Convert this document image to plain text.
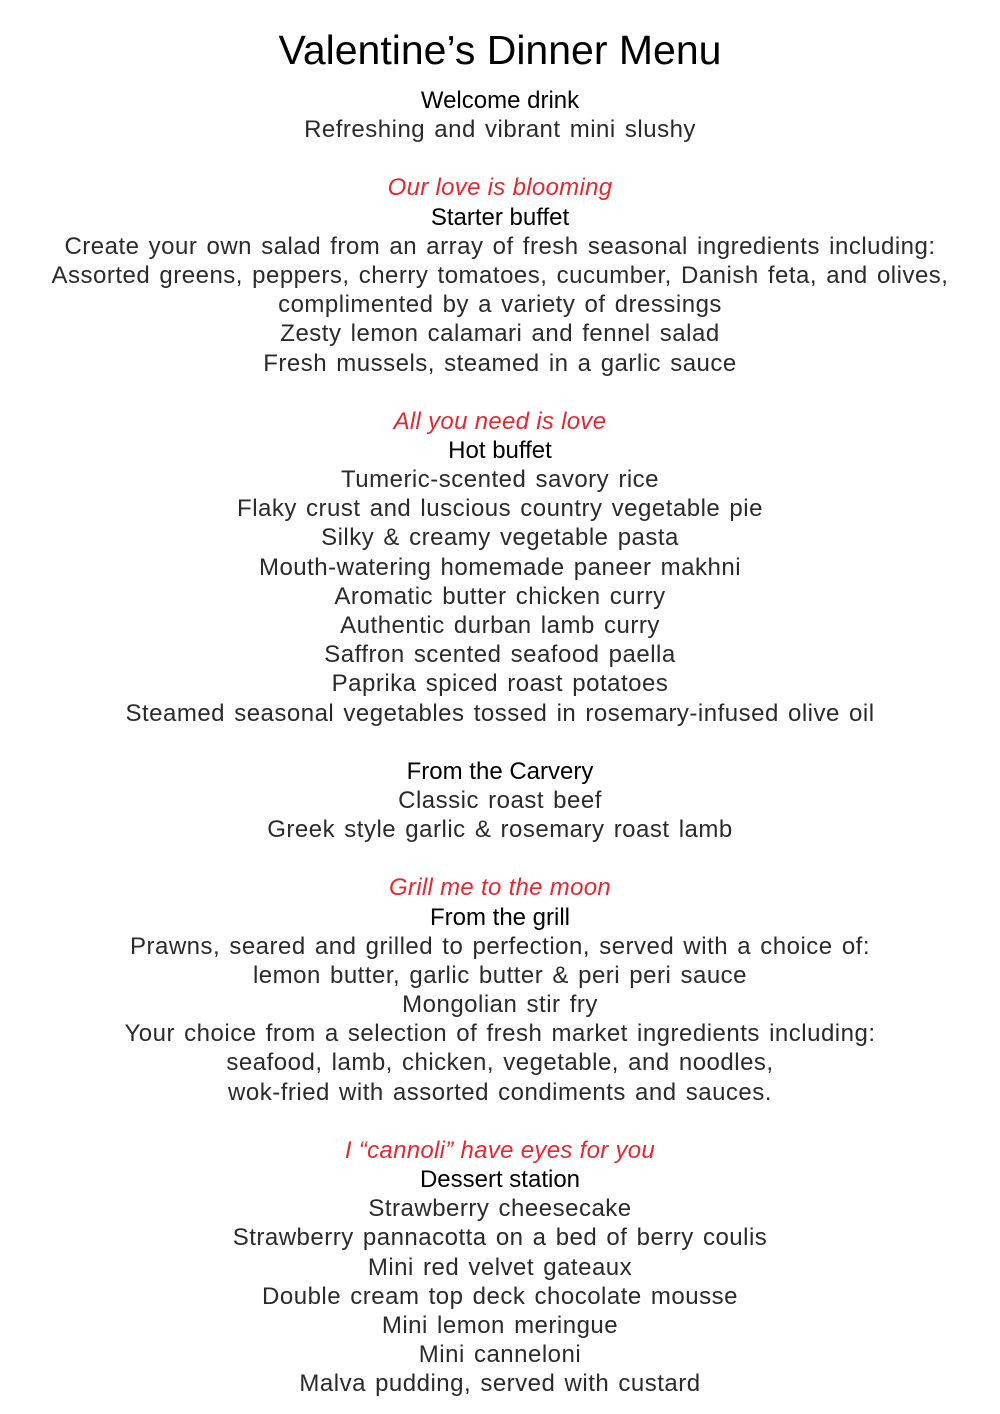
Valentine’s Dinner Menu
Welcome drink
Refreshing and vibrant mini slushy
Our love is blooming
Starter buffet
Create your own salad from an array of fresh seasonal ingredients including:
Assorted greens, peppers, cherry tomatoes, cucumber, Danish feta, and olives,
complimented by a variety of dressings
Zesty lemon calamari and fennel salad
Fresh mussels, steamed in a garlic sauce
All you need is love
Hot buffet
Tumeric-scented savory rice
Flaky crust and luscious country vegetable pie
Silky & creamy vegetable pasta
Mouth-watering homemade paneer makhni
Aromatic butter chicken curry
Authentic durban lamb curry
Saffron scented seafood paella
Paprika spiced roast potatoes
Steamed seasonal vegetables tossed in rosemary-infused olive oil
From the Carvery
Classic roast beef
Greek style garlic & rosemary roast lamb
Grill me to the moon
From the grill
Prawns, seared and grilled to perfection, served with a choice of:
lemon butter, garlic butter & peri peri sauce
Mongolian stir fry
Your choice from a selection of fresh market ingredients including:
seafood, lamb, chicken, vegetable, and noodles,
wok-fried with assorted condiments and sauces.
I “cannoli” have eyes for you
Dessert station
Strawberry cheesecake
Strawberry pannacotta on a bed of berry coulis
Mini red velvet gateaux
Double cream top deck chocolate mousse
Mini lemon meringue
Mini canneloni
Malva pudding, served with custard
